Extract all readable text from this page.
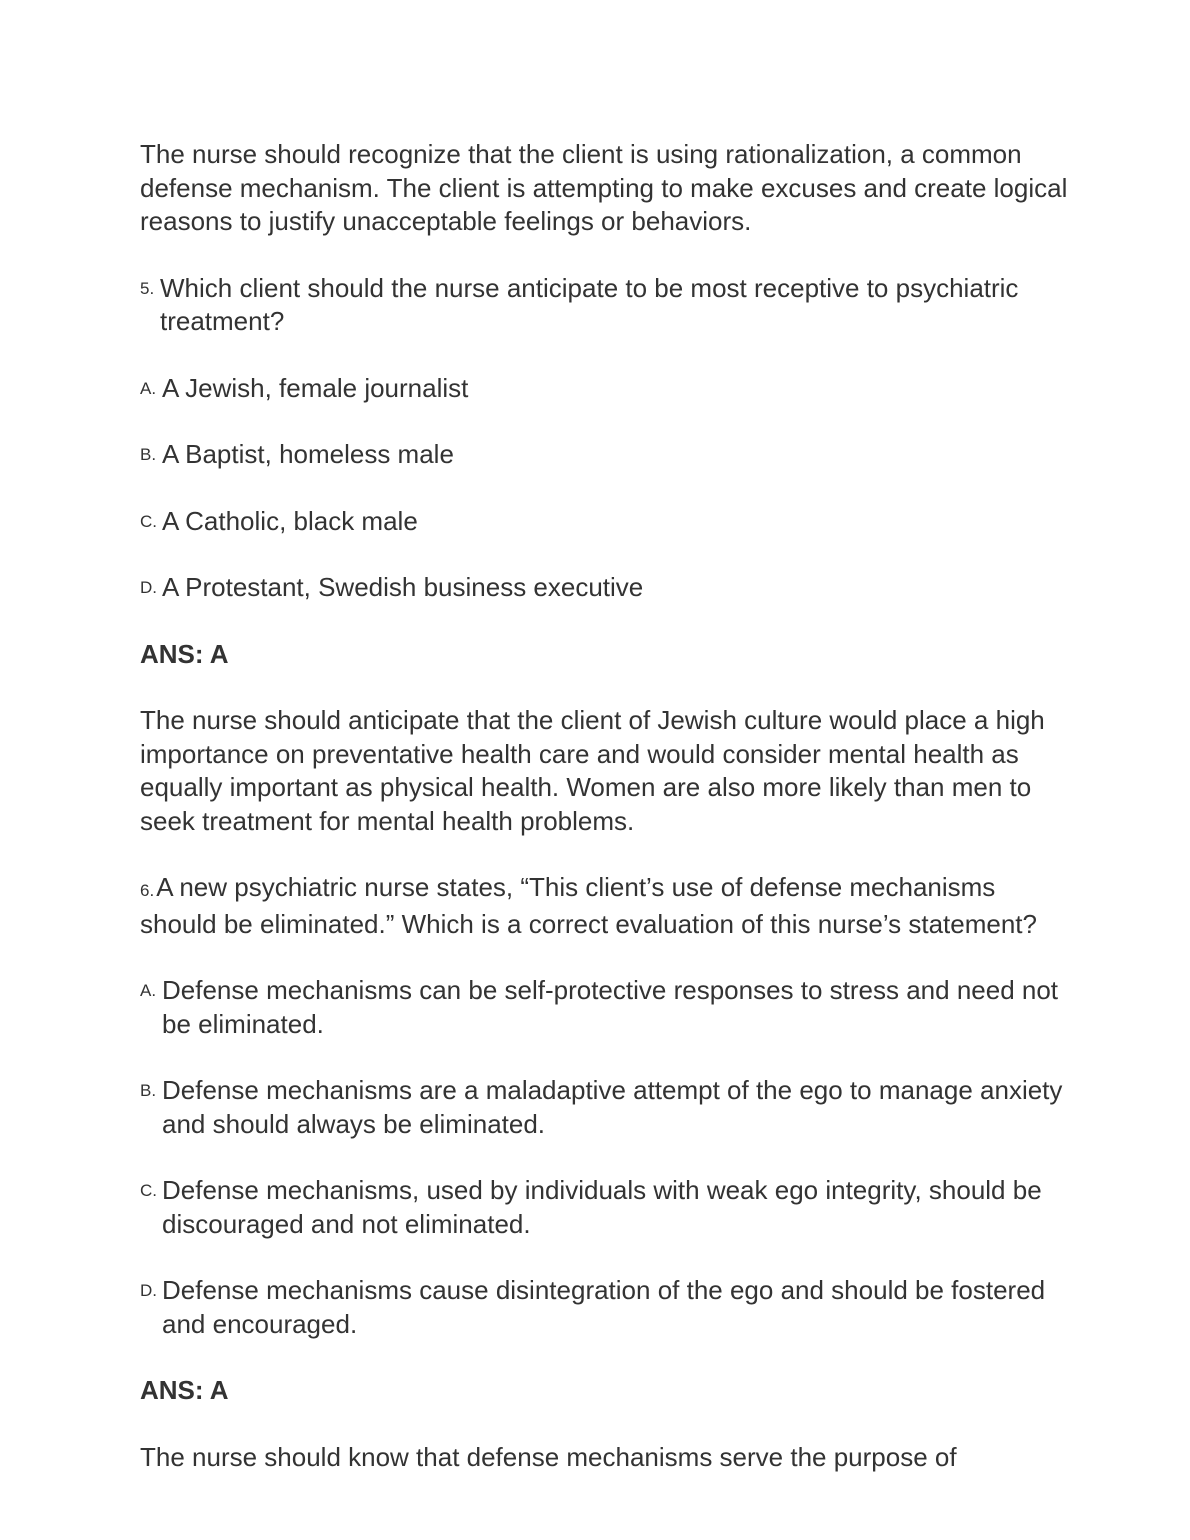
The nurse should recognize that the client is using rationalization, a common defense mechanism. The client is attempting to make excuses and create logical reasons to justify unacceptable feelings or behaviors.

5. Which client should the nurse anticipate to be most receptive to psychiatric treatment?
A. A Jewish, female journalist
B. A Baptist, homeless male
C. A Catholic, black male
D. A Protestant, Swedish business executive

ANS: A

The nurse should anticipate that the client of Jewish culture would place a high importance on preventative health care and would consider mental health as equally important as physical health. Women are also more likely than men to seek treatment for mental health problems.

6.A new psychiatric nurse states, “This client’s use of defense mechanisms should be eliminated.” Which is a correct evaluation of this nurse’s statement?
A. Defense mechanisms can be self-protective responses to stress and need not be eliminated.
B. Defense mechanisms are a maladaptive attempt of the ego to manage anxiety and should always be eliminated.
C. Defense mechanisms, used by individuals with weak ego integrity, should be discouraged and not eliminated.
D. Defense mechanisms cause disintegration of the ego and should be fostered and encouraged.

ANS: A

The nurse should know that defense mechanisms serve the purpose of
